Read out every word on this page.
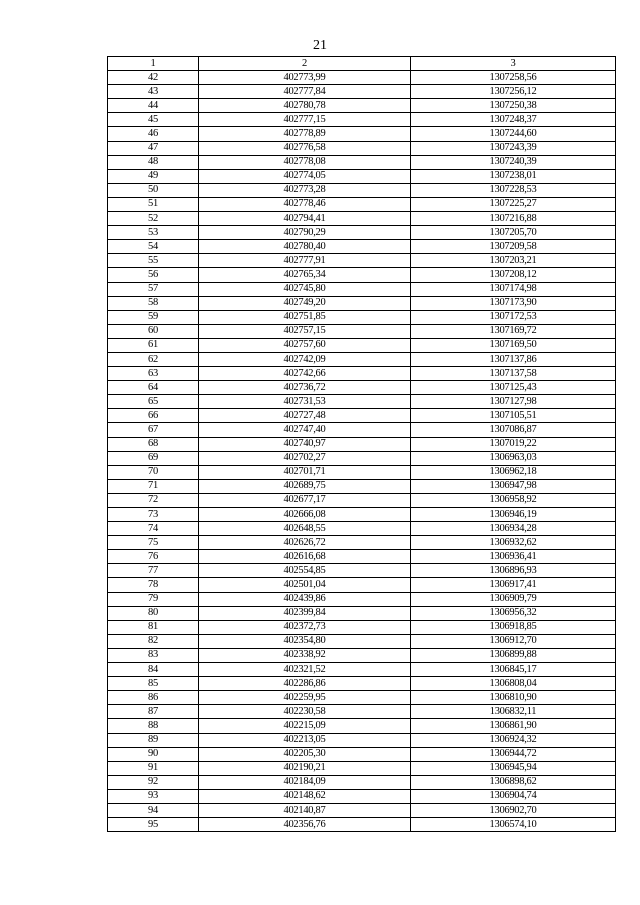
21
1	2	3
42	402773,99	1307258,56
43	402777,84	1307256,12
44	402780,78	1307250,38
45	402777,15	1307248,37
46	402778,89	1307244,60
47	402776,58	1307243,39
48	402778,08	1307240,39
49	402774,05	1307238,01
50	402773,28	1307228,53
51	402778,46	1307225,27
52	402794,41	1307216,88
53	402790,29	1307205,70
54	402780,40	1307209,58
55	402777,91	1307203,21
56	402765,34	1307208,12
57	402745,80	1307174,98
58	402749,20	1307173,90
59	402751,85	1307172,53
60	402757,15	1307169,72
61	402757,60	1307169,50
62	402742,09	1307137,86
63	402742,66	1307137,58
64	402736,72	1307125,43
65	402731,53	1307127,98
66	402727,48	1307105,51
67	402747,40	1307086,87
68	402740,97	1307019,22
69	402702,27	1306963,03
70	402701,71	1306962,18
71	402689,75	1306947,98
72	402677,17	1306958,92
73	402666,08	1306946,19
74	402648,55	1306934,28
75	402626,72	1306932,62
76	402616,68	1306936,41
77	402554,85	1306896,93
78	402501,04	1306917,41
79	402439,86	1306909,79
80	402399,84	1306956,32
81	402372,73	1306918,85
82	402354,80	1306912,70
83	402338,92	1306899,88
84	402321,52	1306845,17
85	402286,86	1306808,04
86	402259,95	1306810,90
87	402230,58	1306832,11
88	402215,09	1306861,90
89	402213,05	1306924,32
90	402205,30	1306944,72
91	402190,21	1306945,94
92	402184,09	1306898,62
93	402148,62	1306904,74
94	402140,87	1306902,70
95	402356,76	1306574,10
